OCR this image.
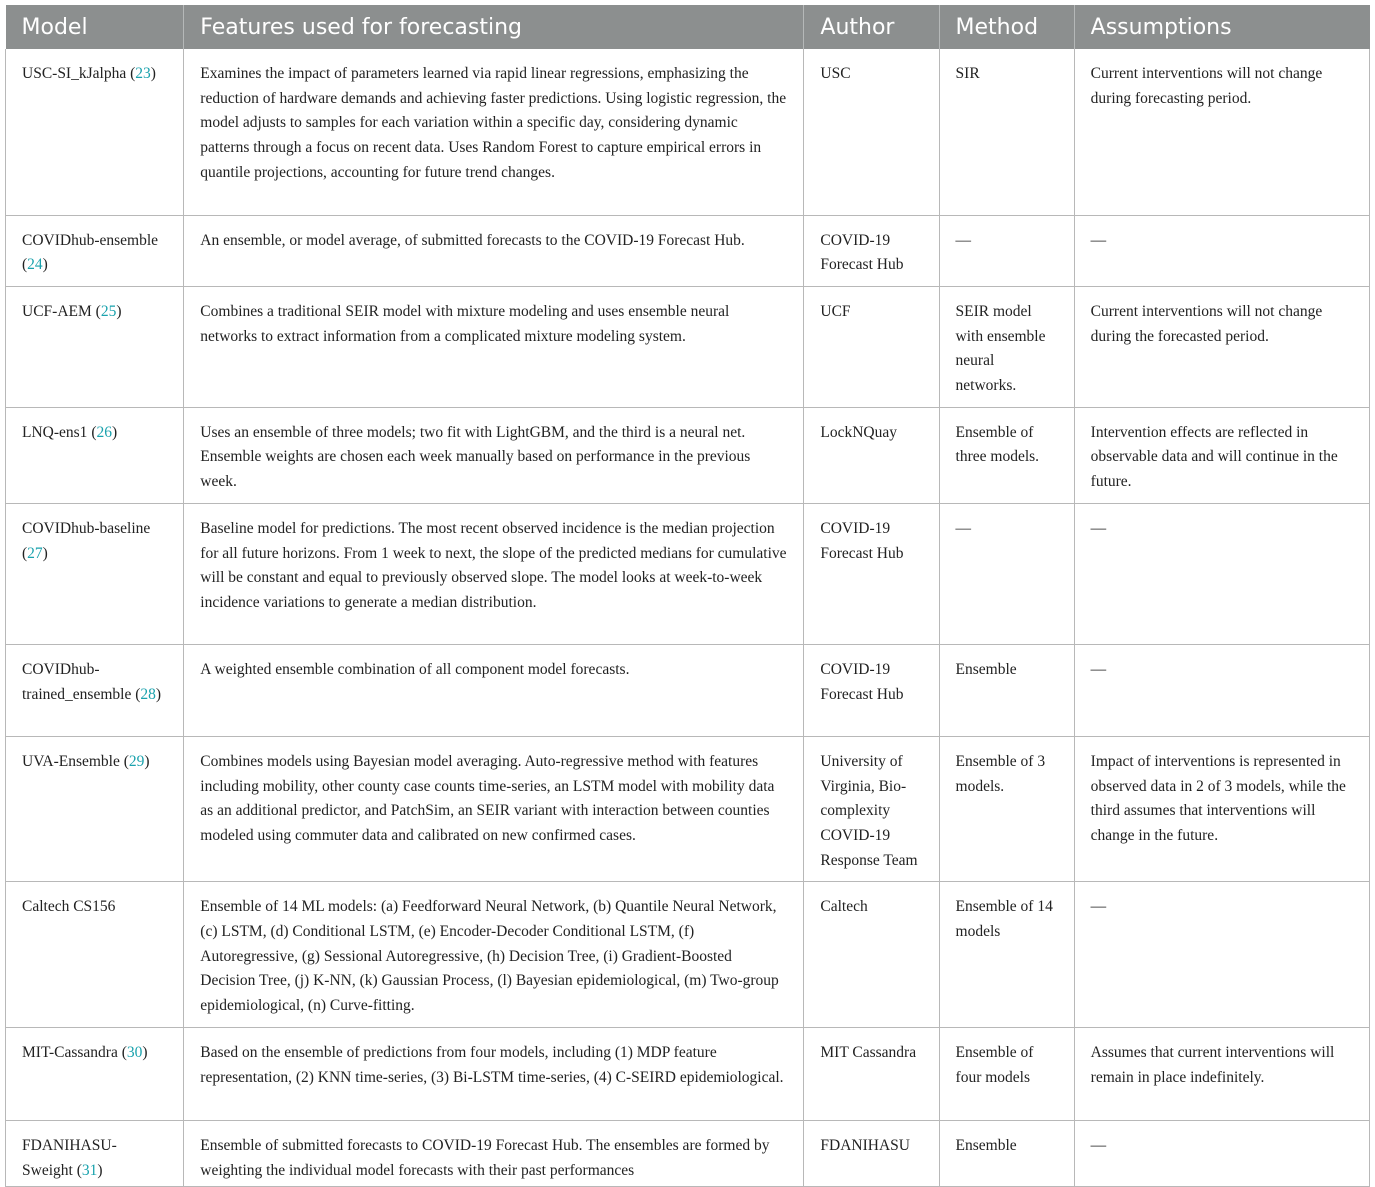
Model	Features used for forecasting	Author	Method	Assumptions
USC-SI_kJalpha (23)	Examines the impact of parameters learned via rapid linear regressions, emphasizing the reduction of hardware demands and achieving faster predictions. Using logistic regression, the model adjusts to samples for each variation within a specific day, considering dynamic patterns through a focus on recent data. Uses Random Forest to capture empirical errors in quantile projections, accounting for future trend changes.	USC	SIR	Current interventions will not change during forecasting period.
COVIDhub-ensemble (24)	An ensemble, or model average, of submitted forecasts to the COVID-19 Forecast Hub.	COVID-19 Forecast Hub	—	—
UCF-AEM (25)	Combines a traditional SEIR model with mixture modeling and uses ensemble neural networks to extract information from a complicated mixture modeling system.	UCF	SEIR model with ensemble neural networks.	Current interventions will not change during the forecasted period.
LNQ-ens1 (26)	Uses an ensemble of three models; two fit with LightGBM, and the third is a neural net. Ensemble weights are chosen each week manually based on performance in the previous week.	LockNQuay	Ensemble of three models.	Intervention effects are reflected in observable data and will continue in the future.
COVIDhub-baseline (27)	Baseline model for predictions. The most recent observed incidence is the median projection for all future horizons. From 1 week to next, the slope of the predicted medians for cumulative will be constant and equal to previously observed slope. The model looks at week-to-week incidence variations to generate a median distribution.	COVID-19 Forecast Hub	—	—
COVIDhub-trained_ensemble (28)	A weighted ensemble combination of all component model forecasts.	COVID-19 Forecast Hub	Ensemble	—
UVA-Ensemble (29)	Combines models using Bayesian model averaging. Auto-regressive method with features including mobility, other county case counts time-series, an LSTM model with mobility data as an additional predictor, and PatchSim, an SEIR variant with interaction between counties modeled using commuter data and calibrated on new confirmed cases.	University of Virginia, Bio-complexity COVID-19 Response Team	Ensemble of 3 models.	Impact of interventions is represented in observed data in 2 of 3 models, while the third assumes that interventions will change in the future.
Caltech CS156	Ensemble of 14 ML models: (a) Feedforward Neural Network, (b) Quantile Neural Network, (c) LSTM, (d) Conditional LSTM, (e) Encoder-Decoder Conditional LSTM, (f) Autoregressive, (g) Sessional Autoregressive, (h) Decision Tree, (i) Gradient-Boosted Decision Tree, (j) K-NN, (k) Gaussian Process, (l) Bayesian epidemiological, (m) Two-group epidemiological, (n) Curve-fitting.	Caltech	Ensemble of 14 models	—
MIT-Cassandra (30)	Based on the ensemble of predictions from four models, including (1) MDP feature representation, (2) KNN time-series, (3) Bi-LSTM time-series, (4) C-SEIRD epidemiological.	MIT Cassandra	Ensemble of four models	Assumes that current interventions will remain in place indefinitely.
FDANIHASU-Sweight (31)	Ensemble of submitted forecasts to COVID-19 Forecast Hub. The ensembles are formed by weighting the individual model forecasts with their past performances	FDANIHASU	Ensemble	—
